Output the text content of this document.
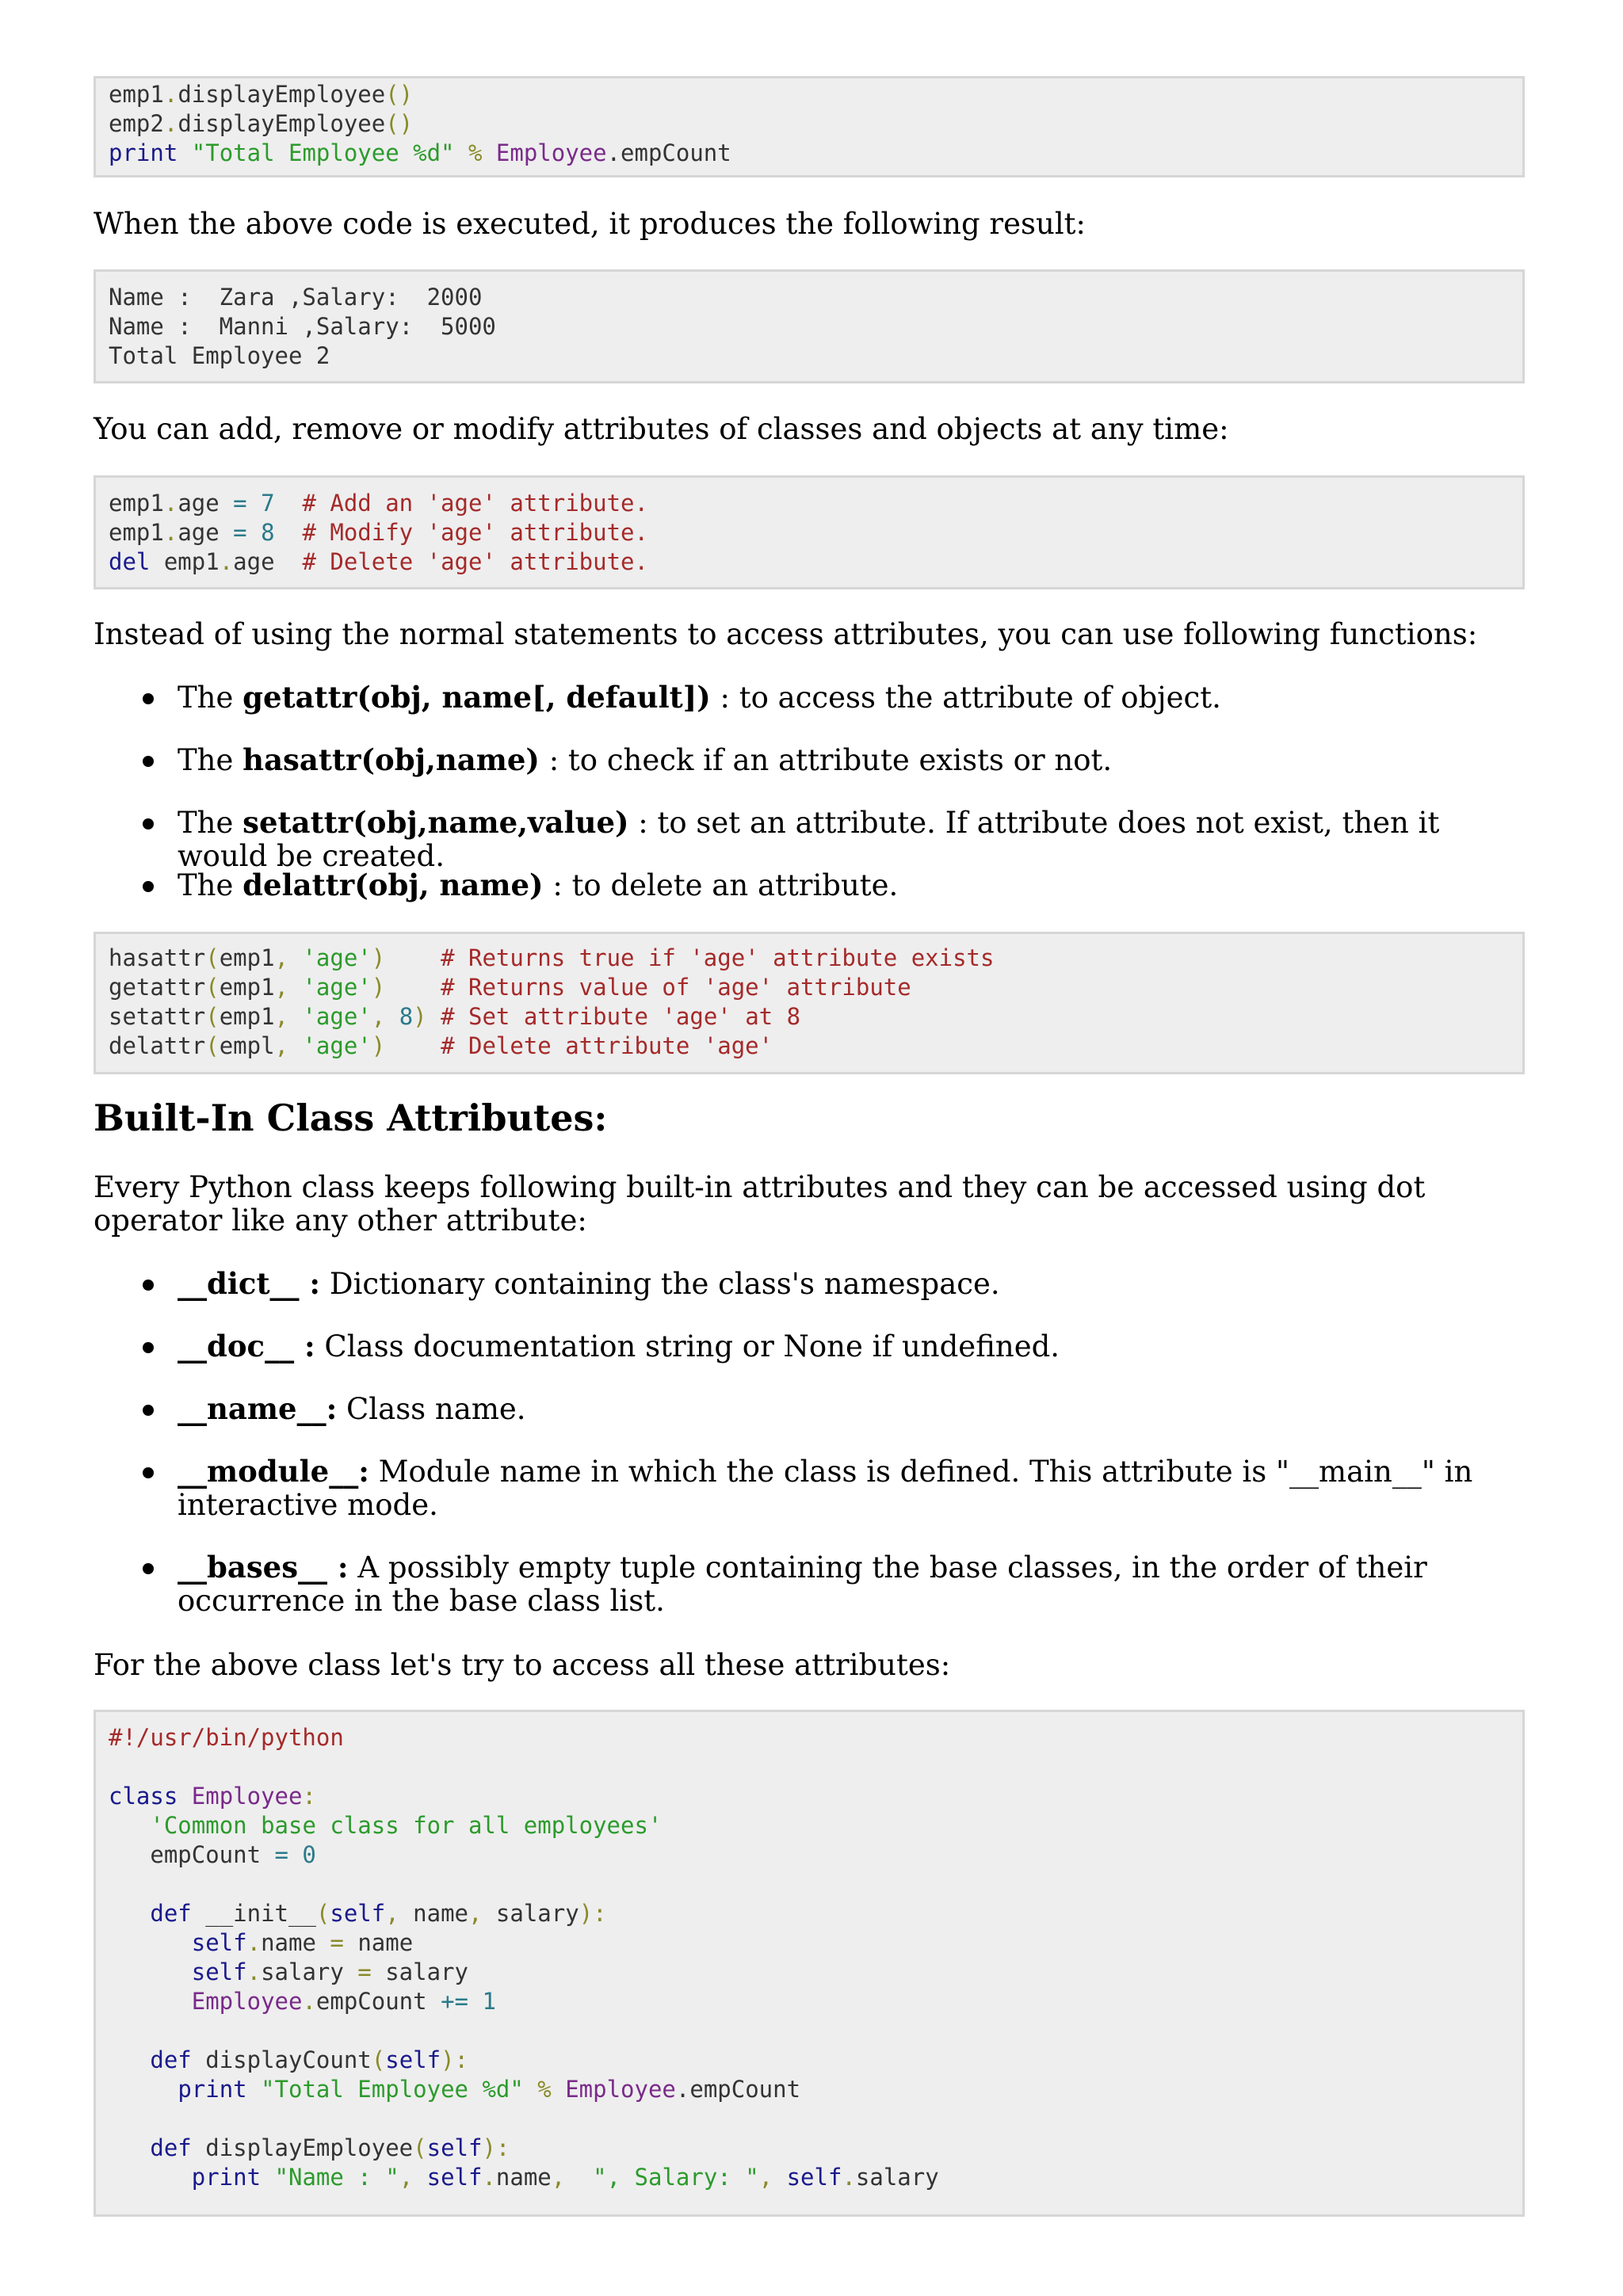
emp1.displayEmployee()
emp2.displayEmployee()
print "Total Employee %d" % Employee.empCount
When the above code is executed, it produces the following result:
Name :  Zara ,Salary:  2000
Name :  Manni ,Salary:  5000
Total Employee 2
You can add, remove or modify attributes of classes and objects at any time:
emp1.age = 7  # Add an 'age' attribute.
emp1.age = 8  # Modify 'age' attribute.
del emp1.age  # Delete 'age' attribute.
Instead of using the normal statements to access attributes, you can use following functions:
The getattr(obj, name[, default]) : to access the attribute of object.
The hasattr(obj,name) : to check if an attribute exists or not.
The setattr(obj,name,value) : to set an attribute. If attribute does not exist, then it would be created.
The delattr(obj, name) : to delete an attribute.
hasattr(emp1, 'age')    # Returns true if 'age' attribute exists
getattr(emp1, 'age')    # Returns value of 'age' attribute
setattr(emp1, 'age', 8) # Set attribute 'age' at 8
delattr(empl, 'age')    # Delete attribute 'age'
Built-In Class Attributes:
Every Python class keeps following built-in attributes and they can be accessed using dot operator like any other attribute:
__dict__ : Dictionary containing the class's namespace.
__doc__ : Class documentation string or None if undefined.
__name__: Class name.
__module__: Module name in which the class is defined. This attribute is "__main__" in interactive mode.
__bases__ : A possibly empty tuple containing the base classes, in the order of their occurrence in the base class list.
For the above class let's try to access all these attributes:
#!/usr/bin/python
class Employee:
'Common base class for all employees'
empCount = 0
def __init__(self, name, salary):
self.name = name
self.salary = salary
Employee.empCount += 1
def displayCount(self):
print "Total Employee %d" % Employee.empCount
def displayEmployee(self):
print "Name : ", self.name,  ", Salary: ", self.salary
